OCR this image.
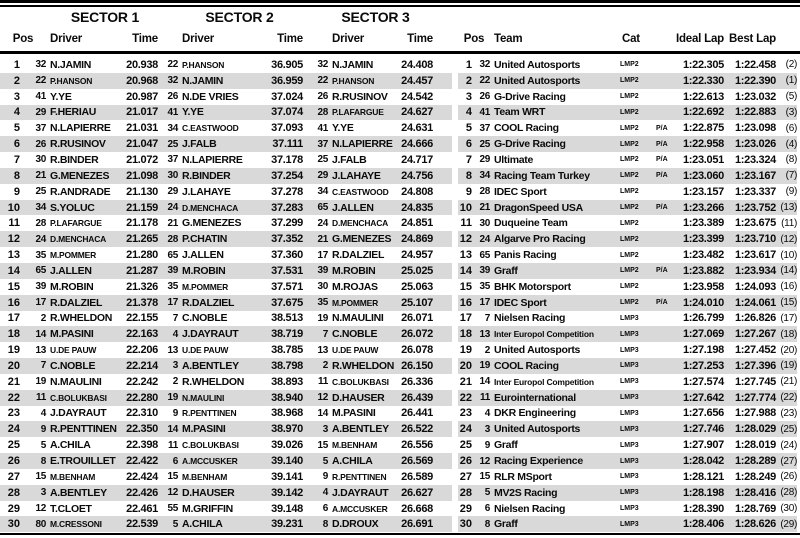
SECTOR 1	SECTOR 2	SECTOR 3
Pos	Driver	Time	Driver	Time	Driver	Time	Pos Team	Cat	Ideal Lap Best Lap
1	32 N.JAMIN	20.938 22 P.HANSON	36.905	32 N.JAMIN	24.408
2	22 P.HANSON	20.968 32 N.JAMIN	36.959	22 P.HANSON	24.457
3	41 Y.YE	20.987 26 N.DE VRIES	37.024	26 R.RUSINOV	24.542
4	29 F.HERIAU	21.017 41 Y.YE	37.074	28 P.LAFARGUE	24.627
5	37 N.LAPIERRE	21.031 34 C.EASTWOOD	37.093	41 Y.YE	24.631
6	26 R.RUSINOV	21.047 25 J.FALB	37.111	37 N.LAPIERRE 24.666
7	30 R.BINDER	21.072 37 N.LAPIERRE	37.178	25 J.FALB	24.717
8	21 G.MENEZES	21.098 30 R.BINDER	37.254	29 J.LAHAYE	24.756
9	25 R.ANDRADE	21.130 29 J.LAHAYE	37.278	34 C.EASTWOOD	24.808
10	34 S.YOLUC	21.159 24 D.MENCHACA	37.283	65 J.ALLEN	24.835
11	28 P.LAFARGUE	21.178 21 G.MENEZES	37.299	24 D.MENCHACA	24.851
12	24 D.MENCHACA	21.265 28 P.CHATIN	37.352	21 G.MENEZES 24.869
13	35 M.POMMER	21.280 65 J.ALLEN	37.360	17 R.DALZIEL	24.957
14	65 J.ALLEN	21.287 39 M.ROBIN	37.531	39 M.ROBIN	25.025
15	39 M.ROBIN	21.326 35 M.POMMER	37.571	30 M.ROJAS	25.063
16	17 R.DALZIEL	21.378 17 R.DALZIEL	37.675	35 M.POMMER	25.107
17	2 R.WHELDON	22.155	7 C.NOBLE	38.513	19 N.MAULINI	26.071
18	14 M.PASINI	22.163	4 J.DAYRAUT	38.719	7 C.NOBLE	26.072
19	13 U.DE PAUW	22.206 13 U.DE PAUW	38.785	13 U.DE PAUW	26.078
20	7 C.NOBLE	22.214	3 A.BENTLEY	38.798	2 R.WHELDON 26.150
21	19 N.MAULINI	22.242	2 R.WHELDON	38.893	11 C.BOLUKBASI	26.336
22	11 C.BOLUKBASI	22.280 19 N.MAULINI	38.940	12 D.HAUSER	26.439
23	4 J.DAYRAUT	22.310	9 R.PENTTINEN	38.968	14 M.PASINI	26.441
24	9 R.PENTTINEN 22.350 14 M.PASINI	38.970	3 A.BENTLEY	26.522
25	5 A.CHILA	22.398	11 C.BOLUKBASI	39.026	15 M.BENHAM	26.556
26	8 E.TROUILLET 22.422	6 A.MCCUSKER	39.140	5 A.CHILA	26.569
27	15 M.BENHAM	22.424 15 M.BENHAM	39.141	9 R.PENTTINEN	26.589
28	3 A.BENTLEY	22.426 12 D.HAUSER	39.142	4 J.DAYRAUT	26.627
29	12 T.CLOET	22.461 55 M.GRIFFIN	39.148	6 A.MCCUSKER	26.668
30	80 M.CRESSONI	22.539	5 A.CHILA	39.231	8 D.DROUX	26.691
1 32 United Autosports	LMP2	1:22.305 1:22.458 (2)
2 22 United Autosports	LMP2	1:22.330 1:22.390 (1)
3 26 G-Drive Racing	LMP2	1:22.613 1:23.032 (5)
4 41 Team WRT	LMP2	1:22.692 1:22.883 (3)
5 37 COOL Racing	LMP2	P/A	1:22.875 1:23.098 (6)
6 25 G-Drive Racing	LMP2	P/A	1:22.958 1:23.026 (4)
7 29 Ultimate	LMP2	P/A	1:23.051 1:23.324 (8)
8 34 Racing Team Turkey	LMP2	P/A	1:23.060 1:23.167 (7)
9 28 IDEC Sport	LMP2	1:23.157 1:23.337 (9)
10 21 DragonSpeed USA	LMP2	P/A	1:23.266 1:23.752 (13)
11 30 Duqueine Team	LMP2	1:23.389 1:23.675 (11)
12 24 Algarve Pro Racing	LMP2	1:23.399 1:23.710 (12)
13 65 Panis Racing	LMP2	1:23.482 1:23.617 (10)
14 39 Graff	LMP2	P/A	1:23.882 1:23.934 (14)
15 35 BHK Motorsport	LMP2	1:23.958 1:24.093 (16)
16 17 IDEC Sport	LMP2	P/A	1:24.010 1:24.061 (15)
17	7 Nielsen Racing	LMP3	1:26.799 1:26.826 (17)
18 13 Inter Europol Competition	LMP3	1:27.069 1:27.267 (18)
19	2 United Autosports	LMP3	1:27.198 1:27.452 (20)
20 19 COOL Racing	LMP3	1:27.253 1:27.396 (19)
21 14 Inter Europol Competition	LMP3	1:27.574 1:27.745 (21)
22 11 Eurointernational	LMP3	1:27.642 1:27.774 (22)
23	4 DKR Engineering	LMP3	1:27.656 1:27.988 (23)
24	3 United Autosports	LMP3	1:27.746 1:28.029 (25)
25	9 Graff	LMP3	1:27.907 1:28.019 (24)
26 12 Racing Experience	LMP3	1:28.042 1:28.289 (27)
27 15 RLR MSport	LMP3	1:28.121 1:28.249 (26)
28	5 MV2S Racing	LMP3	1:28.198 1:28.416 (28)
29	6 Nielsen Racing	LMP3	1:28.390 1:28.769 (30)
30	8 Graff	LMP3	1:28.406 1:28.626 (29)
